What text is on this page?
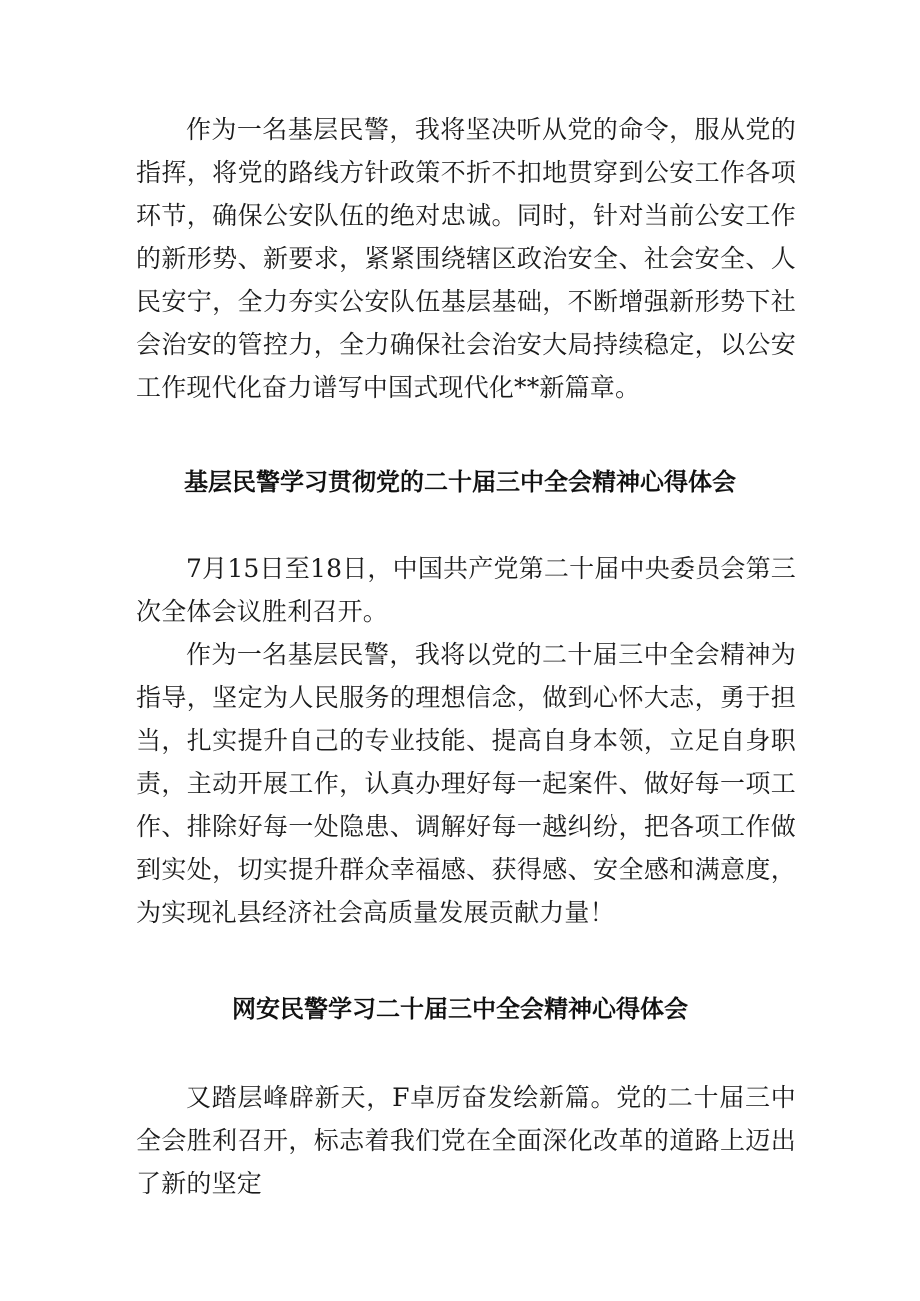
作为一名基层民警，我将坚决听从党的命令，服从党的指挥，将党的路线方针政策不折不扣地贯穿到公安工作各项环节，确保公安队伍的绝对忠诚。同时，针对当前公安工作的新形势、新要求，紧紧围绕辖区政治安全、社会安全、人民安宁，全力夯实公安队伍基层基础，不断增强新形势下社会治安的管控力，全力确保社会治安大局持续稳定，以公安工作现代化奋力谱写中国式现代化**新篇章。

基层民警学习贯彻党的二十届三中全会精神心得体会

7月15日至18日，中国共产党第二十届中央委员会第三次全体会议胜利召开。

作为一名基层民警，我将以党的二十届三中全会精神为指导，坚定为人民服务的理想信念，做到心怀大志，勇于担当，扎实提升自己的专业技能、提高自身本领，立足自身职责，主动开展工作，认真办理好每一起案件、做好每一项工作、排除好每一处隐患、调解好每一越纠纷，把各项工作做到实处，切实提升群众幸福感、获得感、安全感和满意度，为实现礼县经济社会高质量发展贡献力量！

网安民警学习二十届三中全会精神心得体会

又踏层峰辟新天，F卓厉奋发绘新篇。党的二十届三中全会胜利召开，标志着我们党在全面深化改革的道路上迈出了新的坚定
